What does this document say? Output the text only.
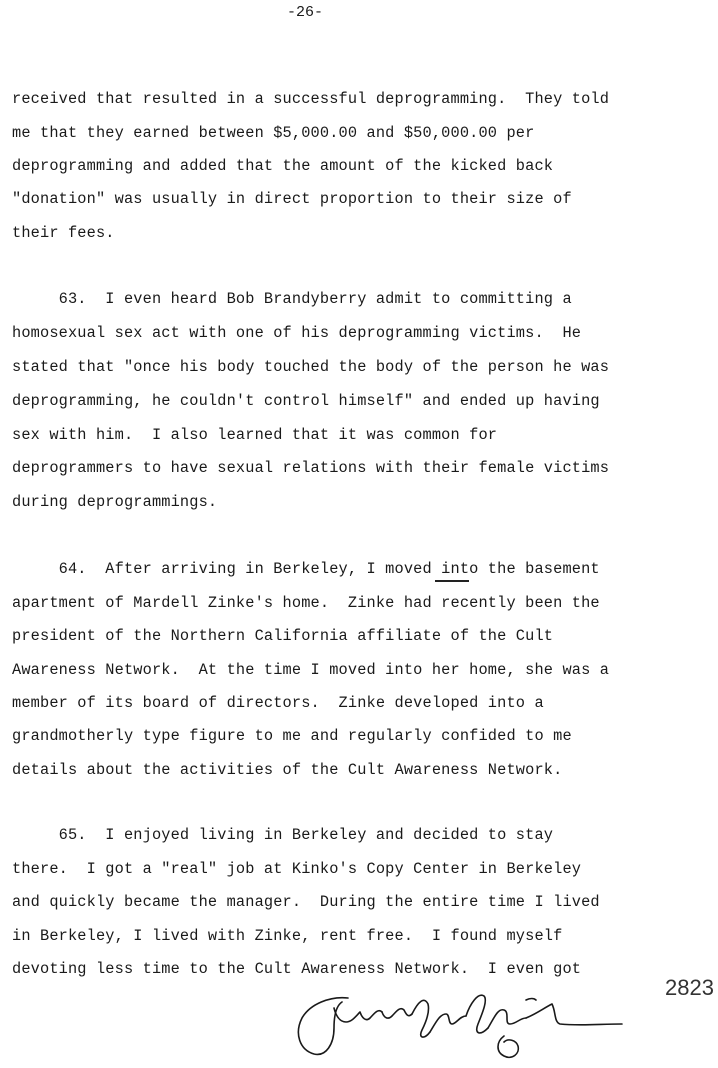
-26-
received that resulted in a successful deprogramming.  They told
me that they earned between $5,000.00 and $50,000.00 per
deprogramming and added that the amount of the kicked back
"donation" was usually in direct proportion to their size of
their fees.
63.  I even heard Bob Brandyberry admit to committing a
homosexual sex act with one of his deprogramming victims.  He
stated that "once his body touched the body of the person he was
deprogramming, he couldn't control himself" and ended up having
sex with him.  I also learned that it was common for
deprogrammers to have sexual relations with their female victims
during deprogrammings.
64.  After arriving in Berkeley, I moved into the basement
apartment of Mardell Zinke's home.  Zinke had recently been the
president of the Northern California affiliate of the Cult
Awareness Network.  At the time I moved into her home, she was a
member of its board of directors.  Zinke developed into a
grandmotherly type figure to me and regularly confided to me
details about the activities of the Cult Awareness Network.
65.  I enjoyed living in Berkeley and decided to stay
there.  I got a "real" job at Kinko's Copy Center in Berkeley
and quickly became the manager.  During the entire time I lived
in Berkeley, I lived with Zinke, rent free.  I found myself
devoting less time to the Cult Awareness Network.  I even got
2823
